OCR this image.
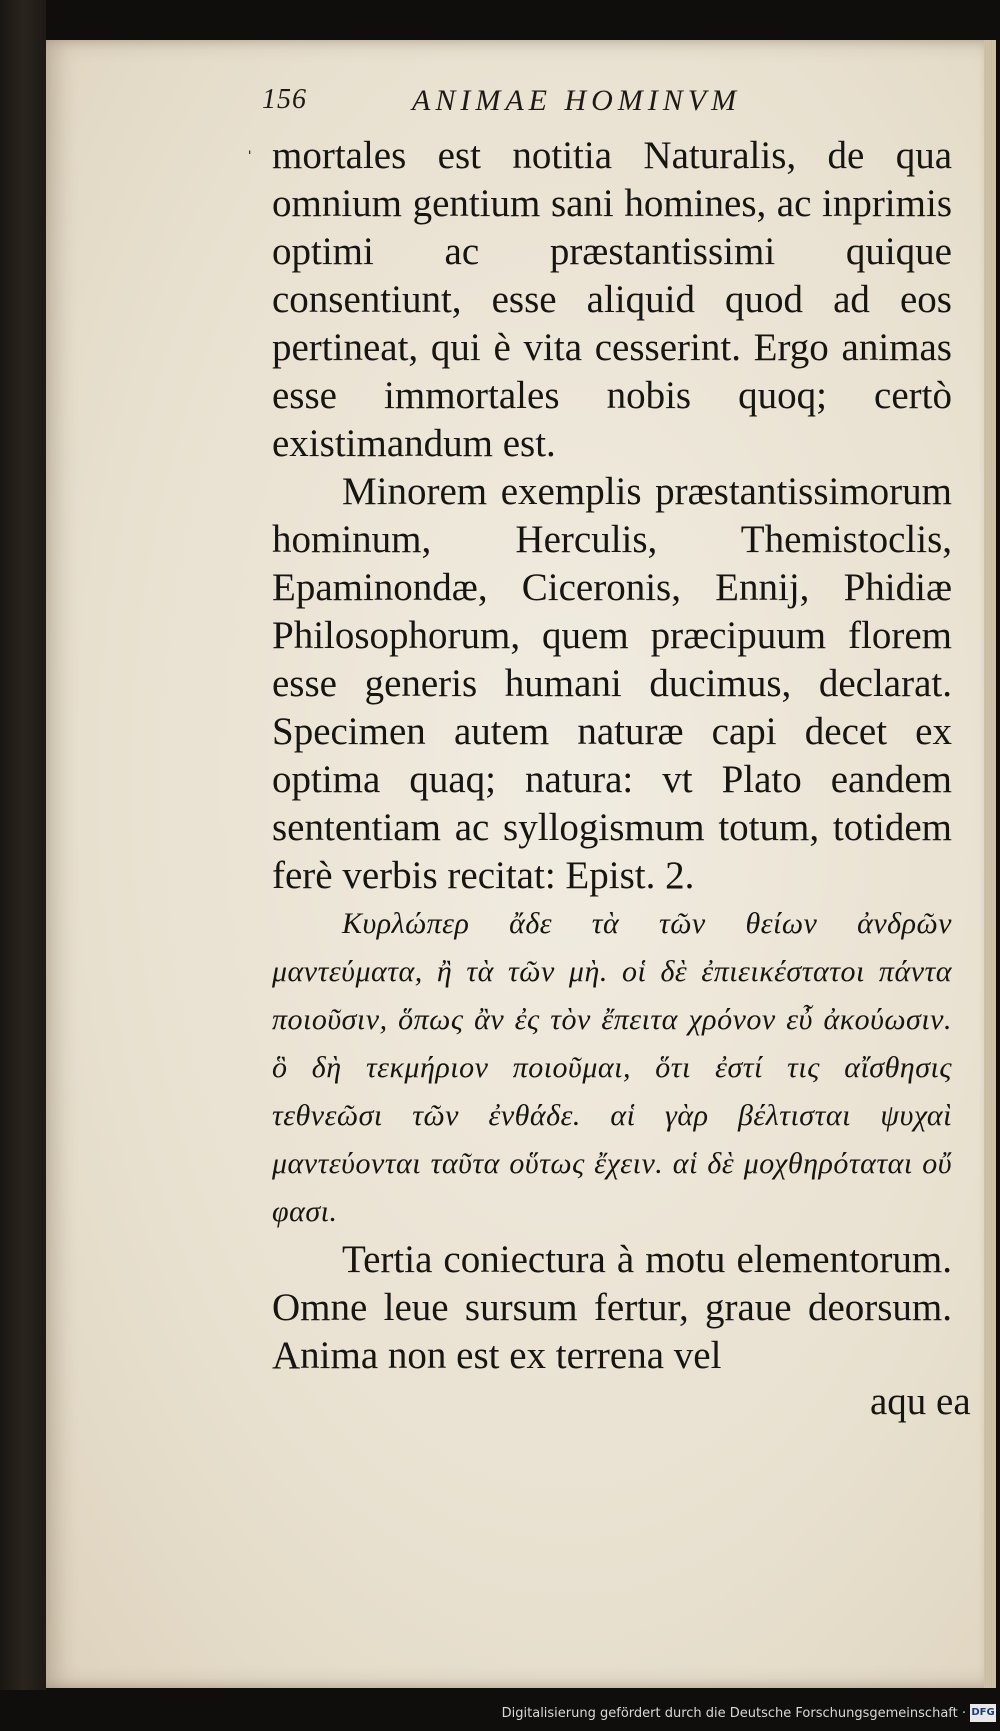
156	ANIMAE HOMINVM
ˈ mortales est notitia Naturalis, de qua omnium gentium sani homines, ac inprimis optimi ac præstantissimi quique consentiunt, esse aliquid quod ad eos pertineat, qui è vita cesserint. Ergo animas esse immortales nobis quoq; certò existimandum est.

Minorem exemplis præstantissimorum hominum, Herculis, Themistoclis, Epaminondæ, Ciceronis, Ennij, Phidiæ Philosophorum, quem præcipuum florem esse generis humani ducimus, declarat. Specimen autem naturæ capi decet ex optima quaq; natura: vt Plato eandem sententiam ac syllogismum totum, totidem ferè verbis recitat: Epist. 2.

Κυρλώπερ ἄδε τὰ τῶν θείων ἀνδρῶν μαντεύματα, ἢ τὰ τῶν μὴ. οἱ δὲ ἐπιεικέστατοι πάντα ποιοῦσιν, ὅπως ἂν ἐς τὸν ἔπειτα χρόνον εὖ ἀκούωσιν. ὃ δὴ τεκμήριον ποιοῦμαι, ὅτι ἐστί τις αἴσθησις τεθνεῶσι τῶν ἐνθάδε. αἱ γὰρ βέλτισται ψυχαὶ μαντεύονται ταῦτα οὕτως ἔχειν. αἱ δὲ μοχθηρόταται οὔ φασι.

Tertia coniectura à motu elementorum. Omne leue sursum fertur, graue deorsum. Anima non est ex terrena vel

aqu ea
Digitalisierung gefördert durch die Deutsche Forschungsgemeinschaft · DFG
